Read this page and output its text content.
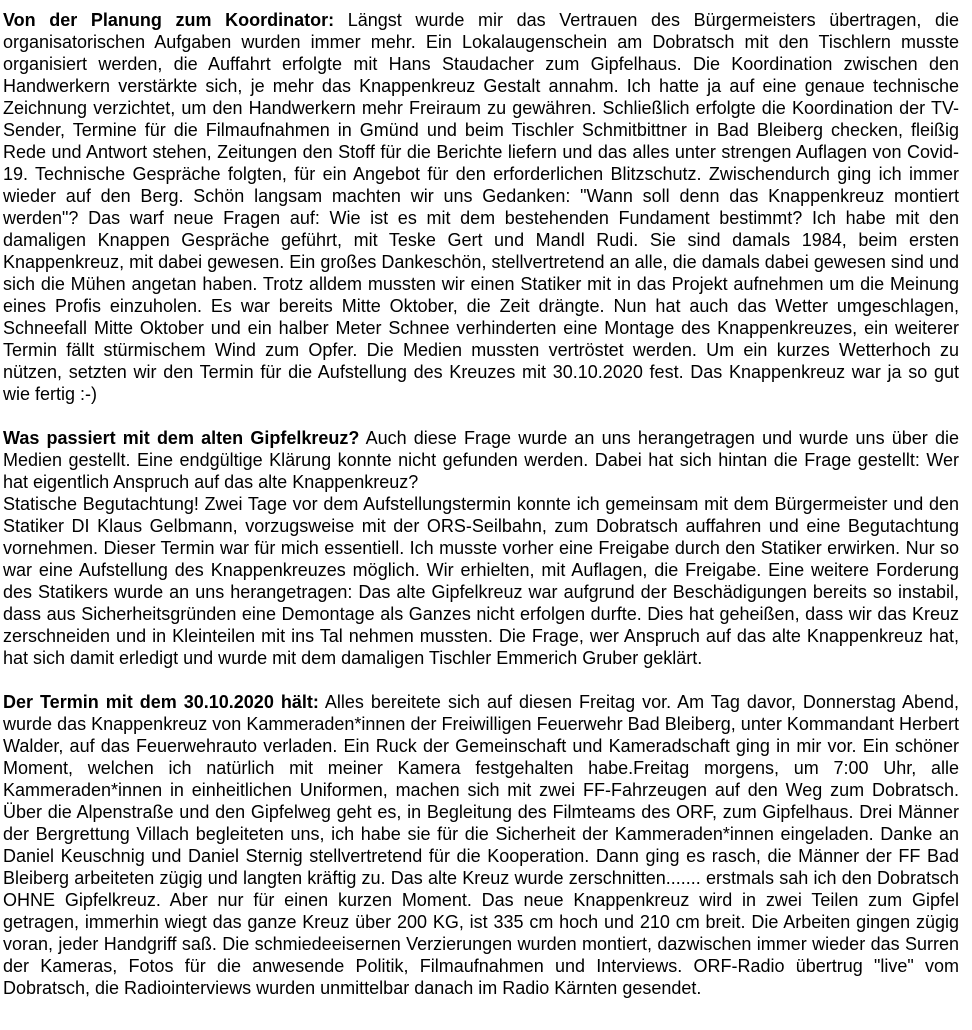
Von der Planung zum Koordinator: Längst wurde mir das Vertrauen des Bürgermeisters übertragen, die organisatorischen Aufgaben wurden immer mehr. Ein Lokalaugenschein am Dobratsch mit den Tischlern musste organisiert werden, die Auffahrt erfolgte mit Hans Staudacher zum Gipfelhaus. Die Koordination zwischen den Handwerkern verstärkte sich, je mehr das Knappenkreuz Gestalt annahm. Ich hatte ja auf eine genaue technische Zeichnung verzichtet, um den Handwerkern mehr Freiraum zu gewähren. Schließlich erfolgte die Koordination der TV-Sender, Termine für die Filmaufnahmen in Gmünd und beim Tischler Schmitbittner in Bad Bleiberg checken, fleißig Rede und Antwort stehen, Zeitungen den Stoff für die Berichte liefern und das alles unter strengen Auflagen von Covid-19. Technische Gespräche folgten, für ein Angebot für den erforderlichen Blitzschutz. Zwischendurch ging ich immer wieder auf den Berg. Schön langsam machten wir uns Gedanken: "Wann soll denn das Knappenkreuz montiert werden"? Das warf neue Fragen auf: Wie ist es mit dem bestehenden Fundament bestimmt? Ich habe mit den damaligen Knappen Gespräche geführt, mit Teske Gert und Mandl Rudi. Sie sind damals 1984, beim ersten Knappenkreuz, mit dabei gewesen. Ein großes Dankeschön, stellvertretend an alle, die damals dabei gewesen sind und sich die Mühen angetan haben. Trotz alldem mussten wir einen Statiker mit in das Projekt aufnehmen um die Meinung eines Profis einzuholen. Es war bereits Mitte Oktober, die Zeit drängte. Nun hat auch das Wetter umgeschlagen, Schneefall Mitte Oktober und ein halber Meter Schnee verhinderten eine Montage des Knappenkreuzes, ein weiterer Termin fällt stürmischem Wind zum Opfer. Die Medien mussten vertröstet werden. Um ein kurzes Wetterhoch zu nützen, setzten wir den Termin für die Aufstellung des Kreuzes mit 30.10.2020 fest. Das Knappenkreuz war ja so gut wie fertig :-)

Was passiert mit dem alten Gipfelkreuz? Auch diese Frage wurde an uns herangetragen und wurde uns über die Medien gestellt. Eine endgültige Klärung konnte nicht gefunden werden. Dabei hat sich hintan die Frage gestellt: Wer hat eigentlich Anspruch auf das alte Knappenkreuz?
Statische Begutachtung! Zwei Tage vor dem Aufstellungstermin konnte ich gemeinsam mit dem Bürgermeister und den Statiker DI Klaus Gelbmann, vorzugsweise mit der ORS-Seilbahn, zum Dobratsch auffahren und eine Begutachtung vornehmen. Dieser Termin war für mich essentiell. Ich musste vorher eine Freigabe durch den Statiker erwirken. Nur so war eine Aufstellung des Knappenkreuzes möglich. Wir erhielten, mit Auflagen, die Freigabe. Eine weitere Forderung des Statikers wurde an uns herangetragen: Das alte Gipfelkreuz war aufgrund der Beschädigungen bereits so instabil, dass aus Sicherheitsgründen eine Demontage als Ganzes nicht erfolgen durfte. Dies hat geheißen, dass wir das Kreuz zerschneiden und in Kleinteilen mit ins Tal nehmen mussten. Die Frage, wer Anspruch auf das alte Knappenkreuz hat, hat sich damit erledigt und wurde mit dem damaligen Tischler Emmerich Gruber geklärt.

Der Termin mit dem 30.10.2020 hält: Alles bereitete sich auf diesen Freitag vor. Am Tag davor, Donnerstag Abend, wurde das Knappenkreuz von Kammeraden*innen der Freiwilligen Feuerwehr Bad Bleiberg, unter Kommandant Herbert Walder, auf das Feuerwehrauto verladen. Ein Ruck der Gemeinschaft und Kameradschaft ging in mir vor. Ein schöner Moment, welchen ich natürlich mit meiner Kamera festgehalten habe.Freitag morgens, um 7:00 Uhr, alle Kammeraden*innen in einheitlichen Uniformen, machen sich mit zwei FF-Fahrzeugen auf den Weg zum Dobratsch. Über die Alpenstraße und den Gipfelweg geht es, in Begleitung des Filmteams des ORF, zum Gipfelhaus. Drei Männer der Bergrettung Villach begleiteten uns, ich habe sie für die Sicherheit der Kammeraden*innen eingeladen. Danke an Daniel Keuschnig und Daniel Sternig stellvertretend für die Kooperation. Dann ging es rasch, die Männer der FF Bad Bleiberg arbeiteten zügig und langten kräftig zu. Das alte Kreuz wurde zerschnitten....... erstmals sah ich den Dobratsch OHNE Gipfelkreuz. Aber nur für einen kurzen Moment. Das neue Knappenkreuz wird in zwei Teilen zum Gipfel getragen, immerhin wiegt das ganze Kreuz über 200 KG, ist 335 cm hoch und 210 cm breit. Die Arbeiten gingen zügig voran, jeder Handgriff saß. Die schmiedeeisernen Verzierungen wurden montiert, dazwischen immer wieder das Surren der Kameras, Fotos für die anwesende Politik, Filmaufnahmen und Interviews. ORF-Radio übertrug "live" vom Dobratsch, die Radiointerviews wurden unmittelbar danach im Radio Kärnten gesendet.
